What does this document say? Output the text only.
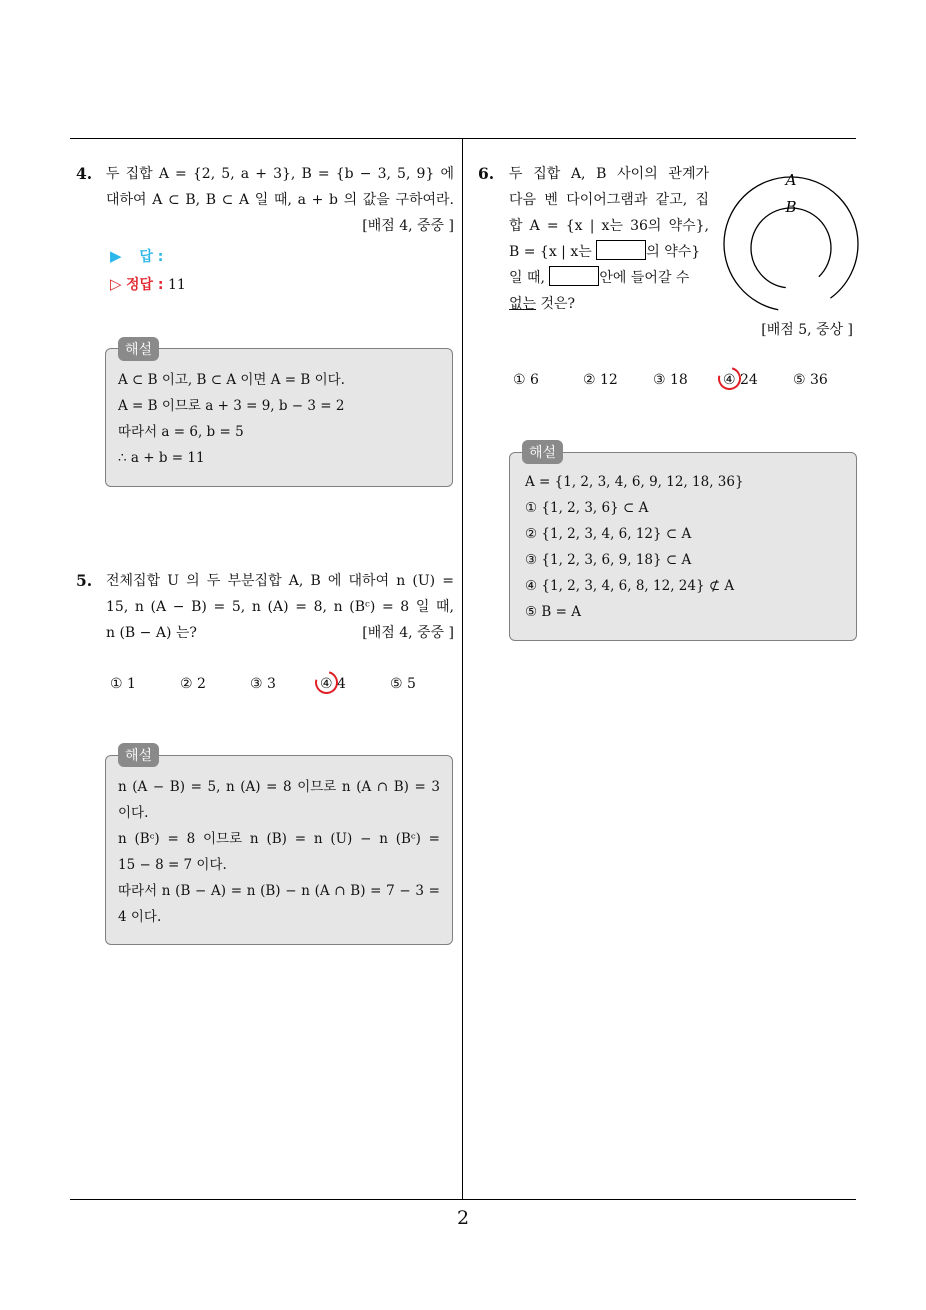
2
4. 두 집합 A = {2, 5, a + 3}, B = {b − 3, 5, 9} 에
대하여 A ⊂ B, B ⊂ A 일 때, a + b 의 값을 구하여라.
[배점 4, 중중 ]
▶ 답 :
▷ 정답 : 11
A ⊂ B 이고, B ⊂ A 이면 A = B 이다.
A = B 이므로 a + 3 = 9, b − 3 = 2
따라서 a = 6, b = 5
∴ a + b = 11
해설
5. 전체집합 U 의 두 부분집합 A, B 에 대하여 n (U) =
15, n (A − B) = 5, n (A) = 8, n (Bᶜ) = 8 일 때,
n (B − A) 는?	[배점 4, 중중 ]
① 1	② 2	③ 3	④ 4	⑤ 5
n (A − B) = 5, n (A) = 8 이므로 n (A ∩ B) = 3
이다.
n (Bᶜ) = 8 이므로 n (B) = n (U) − n (Bᶜ) =
15 − 8 = 7 이다.
따라서 n (B − A) = n (B) − n (A ∩ B) = 7 − 3 =
4 이다.
해설
6. 두 집합 A, B 사이의 관계가
다음 벤 다이어그램과 같고, 집
합 A = {x | x는 36의 약수},
B = {x | x는	의 약수}
일 때,	안에 들어갈 수
없는 것은?
A
B
[배점 5, 중상 ]
① 6	② 12	③ 18	④ 24	⑤ 36
A = {1, 2, 3, 4, 6, 9, 12, 18, 36}
① {1, 2, 3, 6} ⊂ A
② {1, 2, 3, 4, 6, 12} ⊂ A
③ {1, 2, 3, 6, 9, 18} ⊂ A
④ {1, 2, 3, 4, 6, 8, 12, 24} ⊄ A
⑤ B = A
해설
